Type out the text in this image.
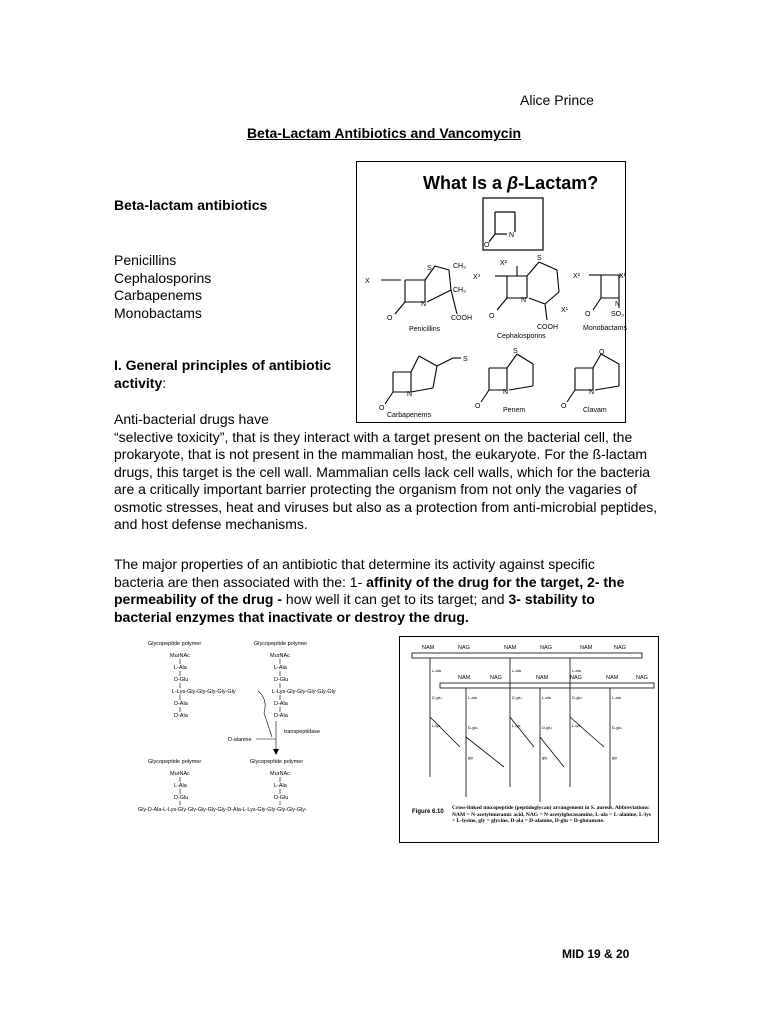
Alice Prince
Beta-Lactam Antibiotics and Vancomycin
Beta-lactam antibiotics
Penicillins
Cephalosporins
Carbapenems
Monobactams
I. General principles of antibiotic activity:
Anti-bacterial drugs have
“selective toxicity”, that is they interact with a target present on the bacterial cell, the prokaryote, that is not present in the mammalian host, the eukaryote. For the ß-lactam drugs, this target is the cell wall. Mammalian cells lack cell walls, which for the bacteria are a critically important barrier protecting the organism from not only the vagaries of osmotic stresses, heat and viruses but also as a protection from anti-microbial peptides, and host defense mechanisms.
The major properties of an antibiotic that determine its activity against specific bacteria are then associated with the: 1- affinity of the drug for the target, 2- the permeability of the drug - how well it can get to its target; and 3- stability to bacterial enzymes that inactivate or destroy the drug.
What Is a β-Lactam?
N
O
X
S	CH₃
CH₃
N
O	COOH
Penicillins
X³
X²
S
X¹
N
O
COOH
Cephalosporins
X²	X¹
N
O	SO₃
Monobactams
S
N
O
Carbapenems
S
N
O
Penem
O
N
O
Clavam
Glycopeptide polymer	Glycopeptide polymer
MurNAc	MurNAc
L-Ala	L-Ala
D-Glu	D-Glu
L-Lys-Gly-Gly-Gly-Gly-Gly	L-Lys-Gly-Gly-Gly-Gly-Gly
D-Ala	D-Ala
D-Ala	D-Ala
D-alanine
transpeptidase
Glycopeptide polymer	Glycopeptide polymer
MurNAc	MurNAc
L-Ala	L-Ala
D-Glu	D-Glu
Gly-D-Ala-L-Lys-Gly-Gly-Gly-Gly-Gly-D-Ala-L-Lys-Gly-Gly-Gly-Gly-Gly-
NAM	NAG	NAM	NAG	NAM	NAG
NAM	NAG	NAM	NAG	NAM	NAG
L-ala
D-glu
L-lys
L-ala
D-glu
L-lys
L-ala
D-glu
L-lys
L-ala
D-glu
gly
L-ala
D-glu
gly
L-ala
D-glu
gly
Figure 6.10
Cross-linked mucopeptide (peptidoglycan) arrangement in S. aureus. Abbreviations: NAM = N-acetylmuramic acid, NAG = N-acetylglucosamine, L-ala = L-alanine, L-lys = L-lysine, gly = glycine, D-ala = D-alanine, D-glu = D-glutamate.
MID 19 & 20
